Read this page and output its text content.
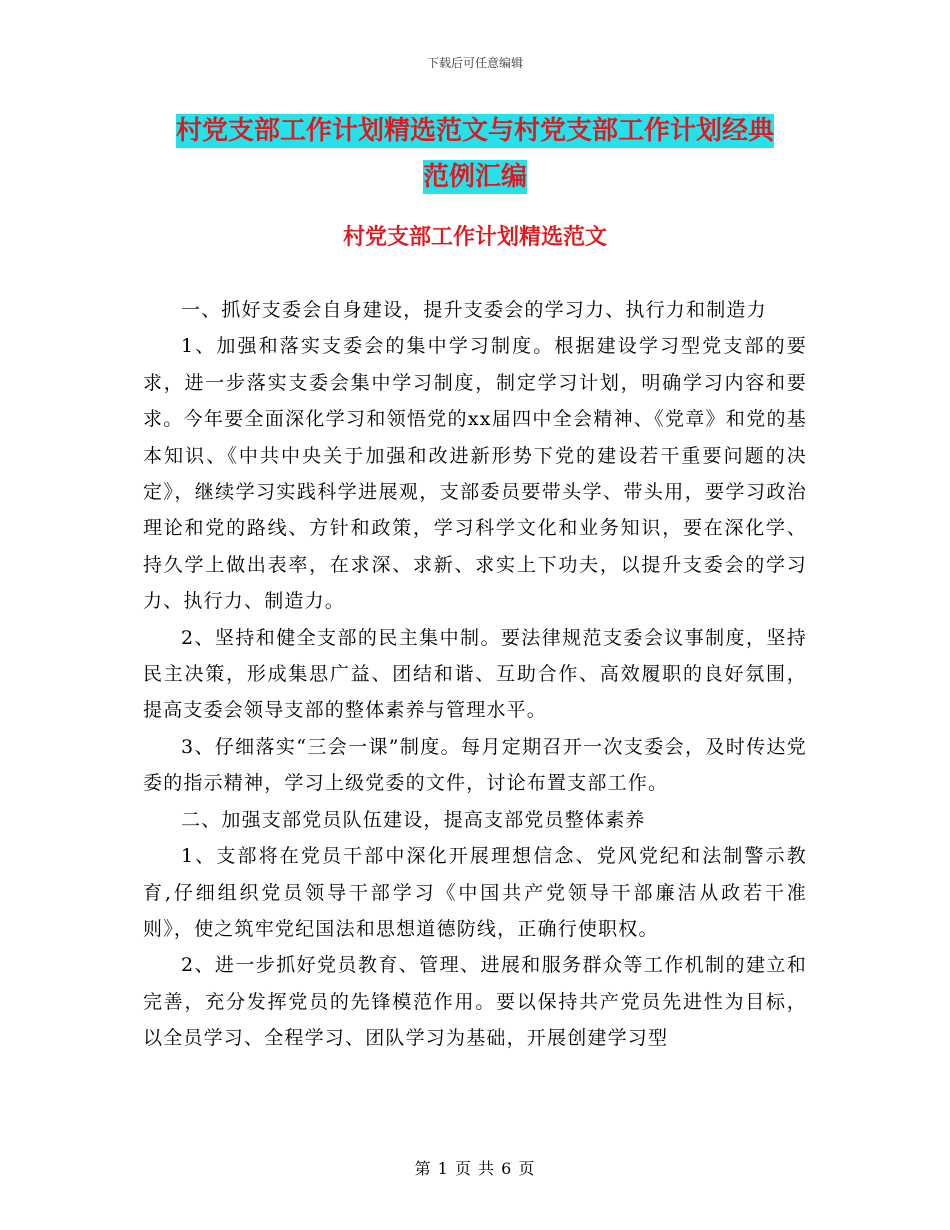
下载后可任意编辑
村党支部工作计划精选范文与村党支部工作计划经典
范例汇编
村党支部工作计划精选范文

一、抓好支委会自身建设，提升支委会的学习力、执行力和制造力

1、加强和落实支委会的集中学习制度。根据建设学习型党支部的要求，进一步落实支委会集中学习制度，制定学习计划，明确学习内容和要求。今年要全面深化学习和领悟党的xx届四中全会精神、《党章》和党的基本知识、《中共中央关于加强和改进新形势下党的建设若干重要问题的决定》，继续学习实践科学进展观，支部委员要带头学、带头用，要学习政治理论和党的路线、方针和政策，学习科学文化和业务知识，要在深化学、持久学上做出表率，在求深、求新、求实上下功夫，以提升支委会的学习力、执行力、制造力。

2、坚持和健全支部的民主集中制。要法律规范支委会议事制度，坚持民主决策，形成集思广益、团结和谐、互助合作、高效履职的良好氛围，提高支委会领导支部的整体素养与管理水平。

3、仔细落实“三会一课”制度。每月定期召开一次支委会，及时传达党委的指示精神，学习上级党委的文件，讨论布置支部工作。

二、加强支部党员队伍建设，提高支部党员整体素养

1、支部将在党员干部中深化开展理想信念、党风党纪和法制警示教育,仔细组织党员领导干部学习《中国共产党领导干部廉洁从政若干准则》，使之筑牢党纪国法和思想道德防线，正确行使职权。

2、进一步抓好党员教育、管理、进展和服务群众等工作机制的建立和完善，充分发挥党员的先锋模范作用。要以保持共产党员先进性为目标，以全员学习、全程学习、团队学习为基础，开展创建学习型

第 1 页 共 6 页
